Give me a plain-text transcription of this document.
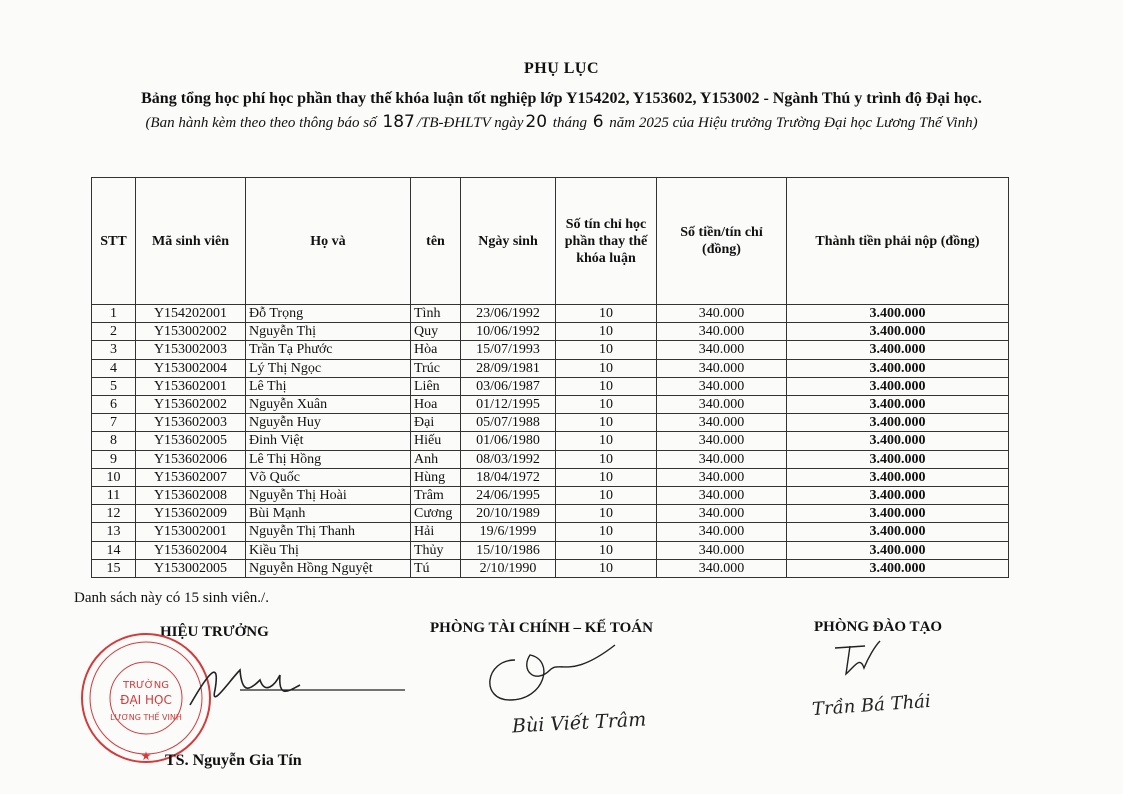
PHỤ LỤC
Bảng tổng học phí học phần thay thế khóa luận tốt nghiệp lớp Y154202, Y153602, Y153002 - Ngành Thú y trình độ Đại học.
(Ban hành kèm theo theo thông báo số 187 /TB-ĐHLTV ngày 20 tháng 6 năm 2025 của Hiệu trưởng Trường Đại học Lương Thế Vinh)
STT	Mã sinh viên	Họ và	tên	Ngày sinh	Số tín chỉ học phần thay thế khóa luận	Số tiền/tín chỉ (đồng)	Thành tiền phải nộp (đồng)
1	Y154202001	Đỗ Trọng	Tình	23/06/1992	10	340.000	3.400.000
2	Y153002002	Nguyễn Thị	Quy	10/06/1992	10	340.000	3.400.000
3	Y153002003	Trần Tạ Phước	Hòa	15/07/1993	10	340.000	3.400.000
4	Y153002004	Lý Thị Ngọc	Trúc	28/09/1981	10	340.000	3.400.000
5	Y153602001	Lê Thị	Liên	03/06/1987	10	340.000	3.400.000
6	Y153602002	Nguyễn Xuân	Hoa	01/12/1995	10	340.000	3.400.000
7	Y153602003	Nguyễn Huy	Đại	05/07/1988	10	340.000	3.400.000
8	Y153602005	Đinh Việt	Hiếu	01/06/1980	10	340.000	3.400.000
9	Y153602006	Lê Thị Hồng	Anh	08/03/1992	10	340.000	3.400.000
10	Y153602007	Võ Quốc	Hùng	18/04/1972	10	340.000	3.400.000
11	Y153602008	Nguyễn Thị Hoài	Trâm	24/06/1995	10	340.000	3.400.000
12	Y153602009	Bùi Mạnh	Cương	20/10/1989	10	340.000	3.400.000
13	Y153002001	Nguyễn Thị Thanh	Hải	19/6/1999	10	340.000	3.400.000
14	Y153602004	Kiều Thị	Thủy	15/10/1986	10	340.000	3.400.000
15	Y153002005	Nguyễn Hồng Nguyệt	Tú	2/10/1990	10	340.000	3.400.000
Danh sách này có 15 sinh viên./.
HIỆU TRƯỞNG	PHÒNG TÀI CHÍNH – KẾ TOÁN	PHÒNG ĐÀO TẠO
TRƯỜNG
ĐẠI HỌC
LƯƠNG THẾ VINH
★
Bùi Viết Trâm
Trần Bá Thái
TS. Nguyễn Gia Tín
